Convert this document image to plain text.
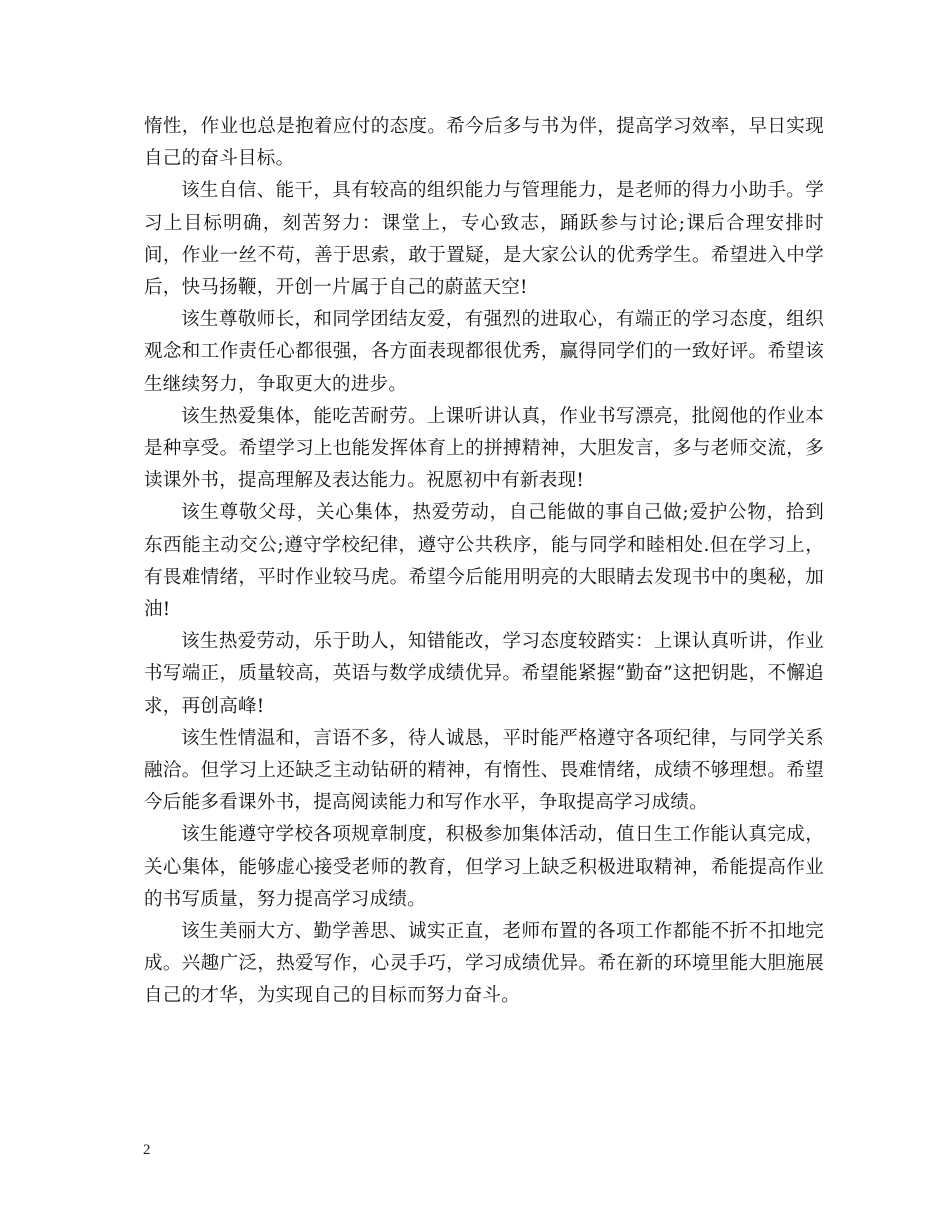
惰性，作业也总是抱着应付的态度。希今后多与书为伴，提高学习效率，早日实现自己的奋斗目标。

该生自信、能干，具有较高的组织能力与管理能力，是老师的得力小助手。学习上目标明确，刻苦努力：课堂上，专心致志，踊跃参与讨论;课后合理安排时间，作业一丝不苟，善于思索，敢于置疑，是大家公认的优秀学生。希望进入中学后，快马扬鞭，开创一片属于自己的蔚蓝天空!

该生尊敬师长，和同学团结友爱，有强烈的进取心，有端正的学习态度，组织观念和工作责任心都很强，各方面表现都很优秀，赢得同学们的一致好评。希望该生继续努力，争取更大的进步。

该生热爱集体，能吃苦耐劳。上课听讲认真，作业书写漂亮，批阅他的作业本是种享受。希望学习上也能发挥体育上的拼搏精神，大胆发言，多与老师交流，多读课外书，提高理解及表达能力。祝愿初中有新表现!

该生尊敬父母，关心集体，热爱劳动，自己能做的事自己做;爱护公物，拾到东西能主动交公;遵守学校纪律，遵守公共秩序，能与同学和睦相处.但在学习上，有畏难情绪，平时作业较马虎。希望今后能用明亮的大眼睛去发现书中的奥秘，加油!

该生热爱劳动，乐于助人，知错能改，学习态度较踏实：上课认真听讲，作业书写端正，质量较高，英语与数学成绩优异。希望能紧握“勤奋”这把钥匙，不懈追求，再创高峰!

该生性情温和，言语不多，待人诚恳，平时能严格遵守各项纪律，与同学关系融洽。但学习上还缺乏主动钻研的精神，有惰性、畏难情绪，成绩不够理想。希望今后能多看课外书，提高阅读能力和写作水平，争取提高学习成绩。

该生能遵守学校各项规章制度，积极参加集体活动，值日生工作能认真完成，关心集体，能够虚心接受老师的教育，但学习上缺乏积极进取精神，希能提高作业的书写质量，努力提高学习成绩。

该生美丽大方、勤学善思、诚实正直，老师布置的各项工作都能不折不扣地完成。兴趣广泛，热爱写作，心灵手巧，学习成绩优异。希在新的环境里能大胆施展自己的才华，为实现自己的目标而努力奋斗。

2
